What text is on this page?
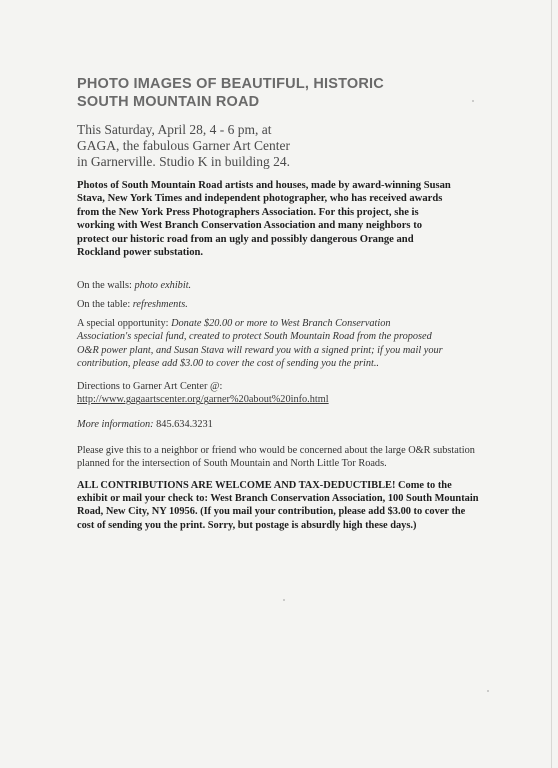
PHOTO IMAGES OF BEAUTIFUL, HISTORIC
SOUTH MOUNTAIN ROAD
This Saturday, April 28, 4 - 6 pm, at
GAGA, the fabulous Garner Art Center
in Garnerville. Studio K in building 24.
Photos of South Mountain Road artists and houses, made by award-winning Susan
Stava, New York Times and independent photographer, who has received awards
from the New York Press Photographers Association. For this project, she is
working with West Branch Conservation Association and many neighbors to
protect our historic road from an ugly and possibly dangerous Orange and
Rockland power substation.
On the walls: photo exhibit.
On the table: refreshments.
A special opportunity: Donate $20.00 or more to West Branch Conservation
Association's special fund, created to protect South Mountain Road from the proposed
O&R power plant, and Susan Stava will reward you with a signed print; if you mail your
contribution, please add $3.00 to cover the cost of sending you the print..
Directions to Garner Art Center @:
http://www.gagaartscenter.org/garner%20about%20info.html
More information: 845.634.3231
Please give this to a neighbor or friend who would be concerned about the large O&R substation
planned for the intersection of South Mountain and North Little Tor Roads.
ALL CONTRIBUTIONS ARE WELCOME AND TAX-DEDUCTIBLE! Come to the
exhibit or mail your check to: West Branch Conservation Association, 100 South Mountain
Road, New City, NY 10956. (If you mail your contribution, please add $3.00 to cover the
cost of sending you the print. Sorry, but postage is absurdly high these days.)
